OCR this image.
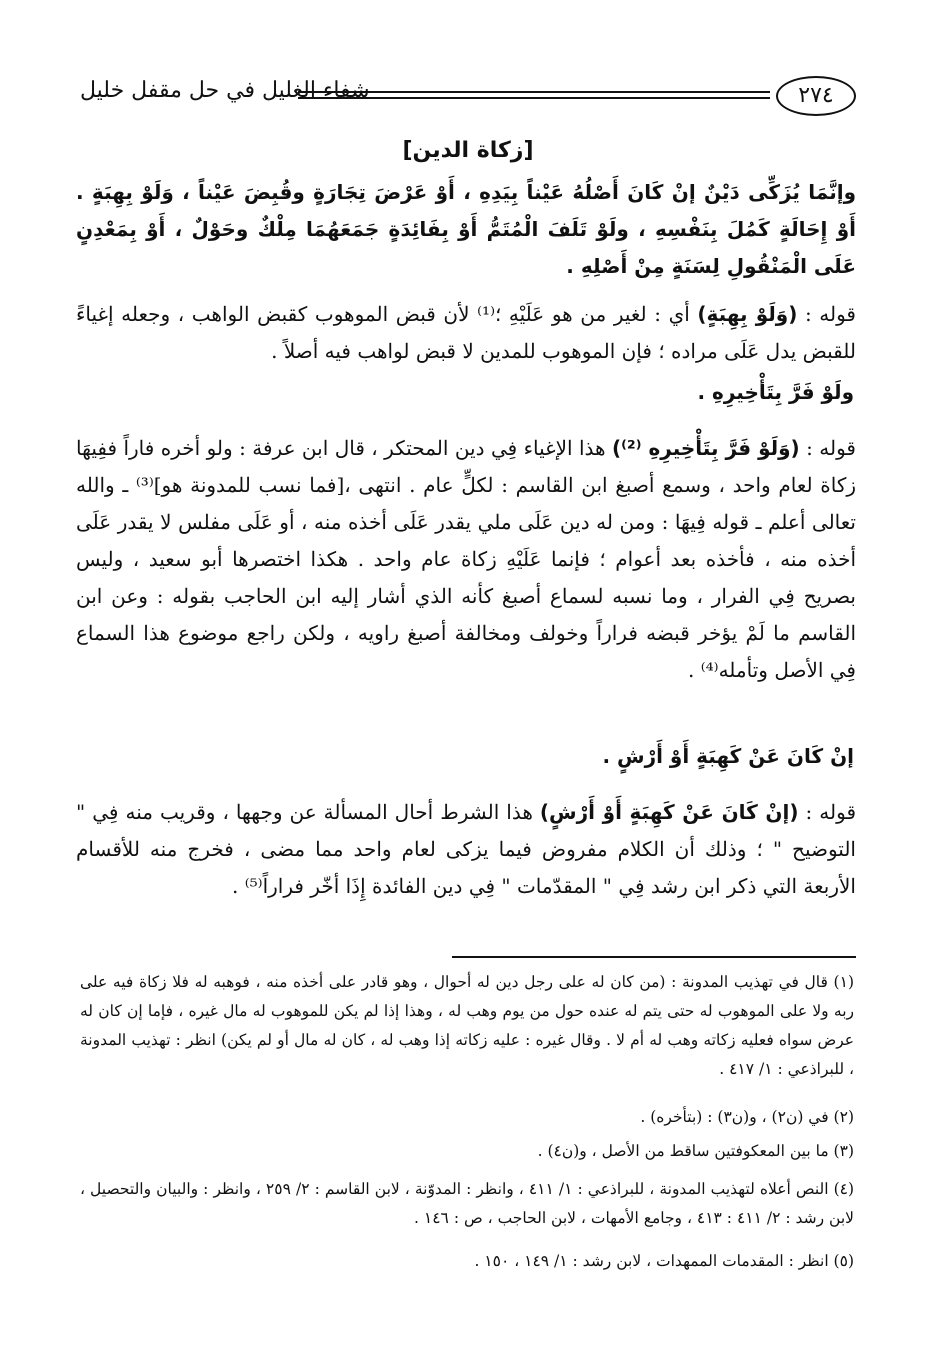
٢٧٤
شفاء الغليل في حل مقفل خليل
[زكاة الدين]

وإنَّمَا يُزَكِّى دَيْنٌ إنْ كَانَ أَصْلُهُ عَيْناً بِيَدِهِ ، أَوْ عَرْضَ تِجَارَةٍ وقُبِضَ عَيْناً ، وَلَوْ بِهِبَةٍ . أَوْ إِحَالَةٍ كَمُلَ بِنَفْسِهِ ، ولَوْ تَلَفَ الْمُتَمُّ أَوْ بِفَائِدَةٍ جَمَعَهُمَا مِلْكٌ وحَوْلٌ ، أَوْ بِمَعْدِنٍ عَلَى الْمَنْقُولِ لِسَنَةٍ مِنْ أَصْلِهِ .

قوله : (وَلَوْ بِهِبَةٍ) أي : لغير من هو عَلَيْهِ ؛⁽¹⁾ لأن قبض الموهوب كقبض الواهب ، وجعله إغياءً للقبض يدل عَلَى مراده ؛ فإن الموهوب للمدين لا قبض لواهب فيه أصلاً .

ولَوْ فَرَّ بِتَأْخِيرِهِ .

قوله : (وَلَوْ فَرَّ بِتَأْخِيرِهِ ⁽²⁾) هذا الإغياء فِي دين المحتكر ، قال ابن عرفة : ولو أخره فاراً ففِيهَا زكاة لعام واحد ، وسمع أصبغ ابن القاسم : لكلٍّ عام . انتهى ،[فما نسب للمدونة هو]⁽³⁾ ـ والله تعالى أعلم ـ قوله فِيهَا : ومن له دين عَلَى ملي يقدر عَلَى أخذه منه ، أو عَلَى مفلس لا يقدر عَلَى أخذه منه ، فأخذه بعد أعوام ؛ فإنما عَلَيْهِ زكاة عام واحد . هكذا اختصرها أبو سعيد ، وليس بصريح فِي الفرار ، وما نسبه لسماع أصبغ كأنه الذي أشار إليه ابن الحاجب بقوله : وعن ابن القاسم ما لَمْ يؤخر قبضه فراراً وخولف ومخالفة أصبغ راويه ، ولكن راجع موضوع هذا السماع فِي الأصل وتأمله⁽⁴⁾ .

إنْ كَانَ عَنْ كَهِبَةٍ أَوْ أَرْشٍ .

قوله : (إنْ كَانَ عَنْ كَهِبَةٍ أَوْ أَرْشٍ) هذا الشرط أحال المسألة عن وجهها ، وقريب منه فِي " التوضيح " ؛ وذلك أن الكلام مفروض فيما يزكى لعام واحد مما مضى ، فخرج منه للأقسام الأربعة التي ذكر ابن رشد فِي " المقدّمات " فِي دين الفائدة إِذَا أخّر فراراً⁽⁵⁾ .

(١) قال في تهذيب المدونة : (من كان له على رجل دين له أحوال ، وهو قادر على أخذه منه ، فوهبه له فلا زكاة فيه على ربه ولا على الموهوب له حتى يتم له عنده حول من يوم وهب له ، وهذا إذا لم يكن للموهوب له مال غيره ، فإما إن كان له عرض سواه فعليه زكاته وهب له أم لا . وقال غيره : عليه زكاته إذا وهب له ، كان له مال أو لم يكن) انظر : تهذيب المدونة ، للبراذعي : ١/ ٤١٧ .

(٢) في (ن٢) ، و(ن٣) : (بتأخره) .

(٣) ما بين المعكوفتين ساقط من الأصل ، و(ن٤) .

(٤) النص أعلاه لتهذيب المدونة ، للبراذعي : ١/ ٤١١ ، وانظر : المدوّنة ، لابن القاسم : ٢/ ٢٥٩ ، وانظر : والبيان والتحصيل ، لابن رشد : ٢/ ٤١١ : ٤١٣ ، وجامع الأمهات ، لابن الحاجب ، ص : ١٤٦ .

(٥) انظر : المقدمات الممهدات ، لابن رشد : ١/ ١٤٩ ، ١٥٠ .
